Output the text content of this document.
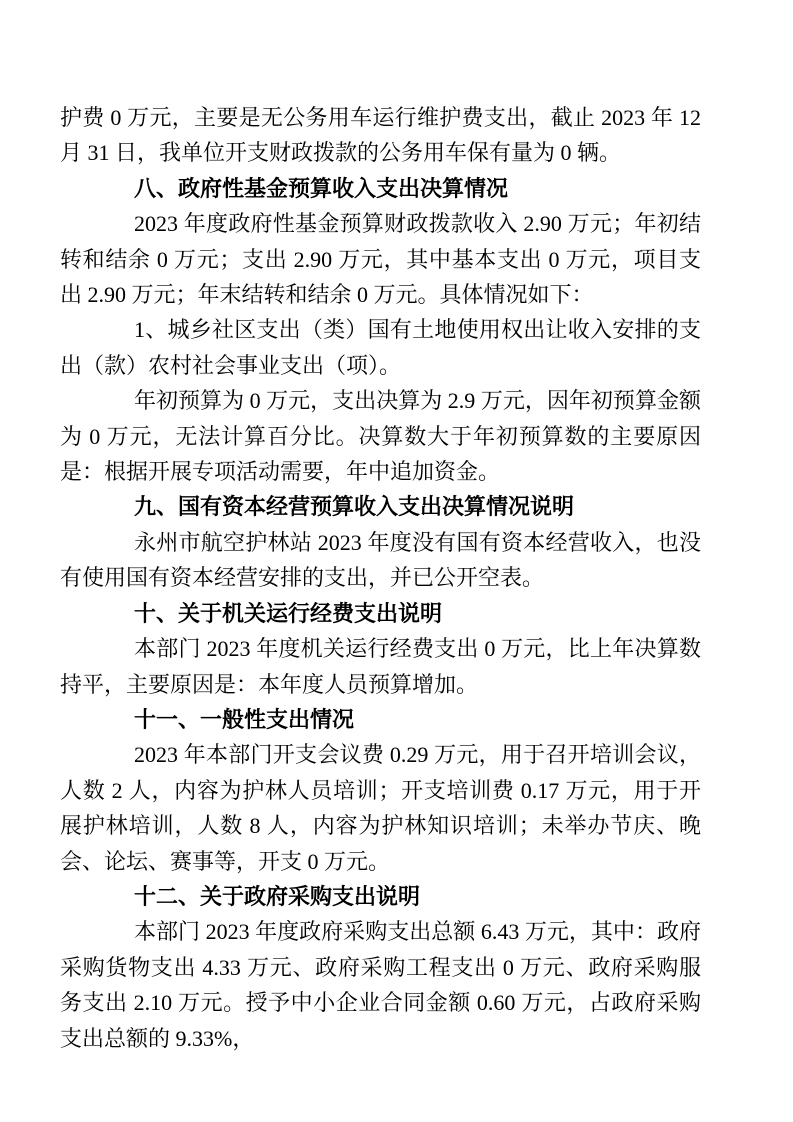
护费 0 万元，主要是无公务用车运行维护费支出，截止 2023 年 12 月 31 日，我单位开支财政拨款的公务用车保有量为 0 辆。

八、政府性基金预算收入支出决算情况

2023 年度政府性基金预算财政拨款收入 2.90 万元；年初结转和结余 0 万元；支出 2.90 万元，其中基本支出 0 万元，项目支出 2.90 万元；年末结转和结余 0 万元。具体情况如下：

1、城乡社区支出（类）国有土地使用权出让收入安排的支出（款）农村社会事业支出（项）。

年初预算为 0 万元，支出决算为 2.9 万元，因年初预算金额为 0 万元，无法计算百分比。决算数大于年初预算数的主要原因是：根据开展专项活动需要，年中追加资金。

九、国有资本经营预算收入支出决算情况说明

永州市航空护林站 2023 年度没有国有资本经营收入，也没有使用国有资本经营安排的支出，并已公开空表。

十、关于机关运行经费支出说明

本部门 2023 年度机关运行经费支出 0 万元，比上年决算数持平，主要原因是：本年度人员预算增加。

十一、一般性支出情况

2023 年本部门开支会议费 0.29 万元，用于召开培训会议，人数 2 人，内容为护林人员培训；开支培训费 0.17 万元，用于开展护林培训，人数 8 人，内容为护林知识培训；未举办节庆、晚会、论坛、赛事等，开支 0 万元。

十二、关于政府采购支出说明

本部门 2023 年度政府采购支出总额 6.43 万元，其中：政府采购货物支出 4.33 万元、政府采购工程支出 0 万元、政府采购服务支出 2.10 万元。授予中小企业合同金额 0.60 万元，占政府采购支出总额的 9.33%，
